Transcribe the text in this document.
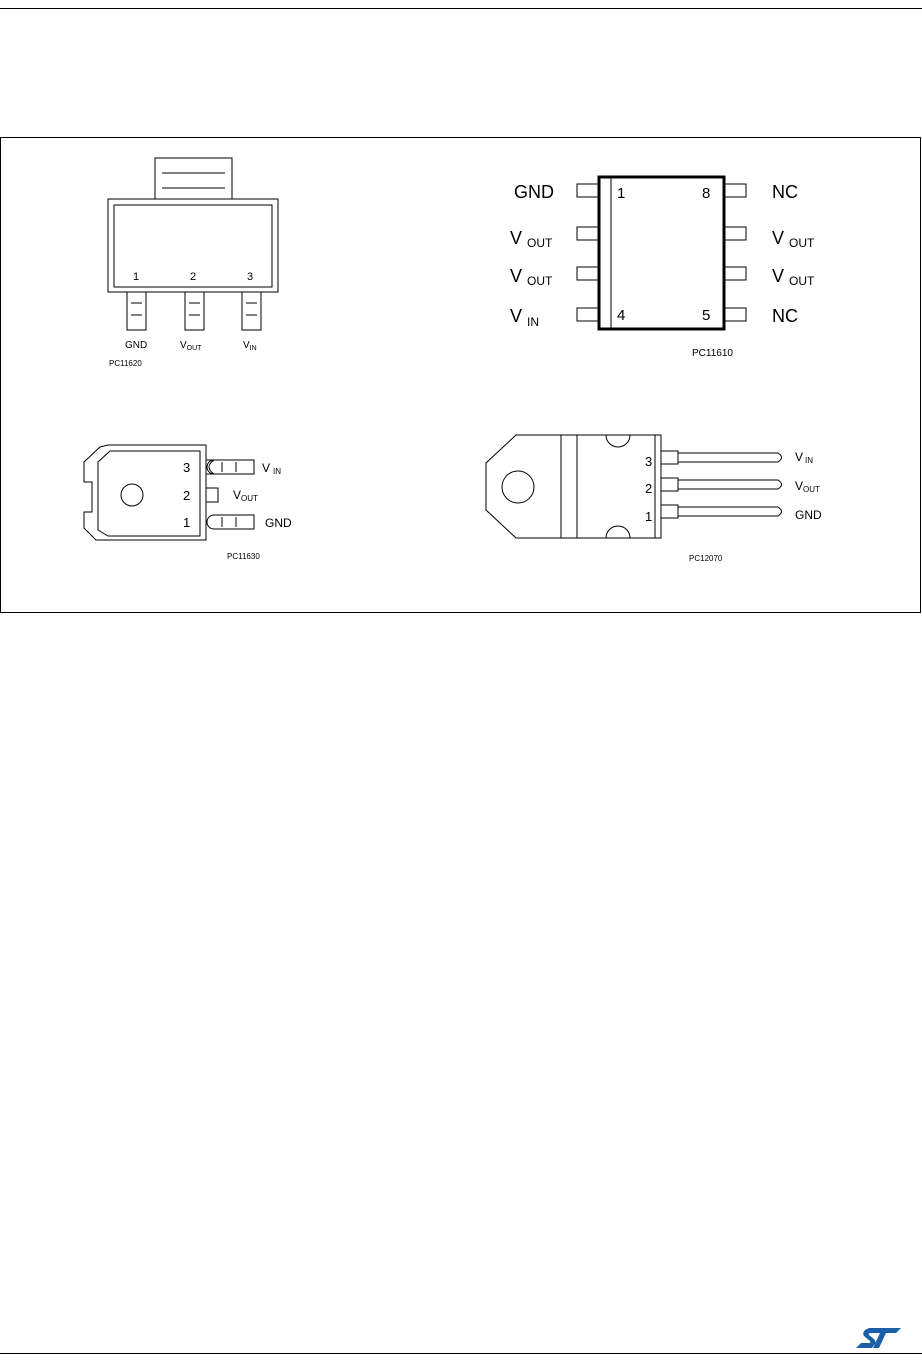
1	2	3
GND	$V_{OUT}$	$V_{IN}$
PC11620
1	8
4	5
GND
VOUT
VOUT
V $_{IN}$
NC
VOUT
VOUT
NC
PC11610
3
2
1
VIN
VOUT
GND
PC11630
3
2
1
VIN
VOUT
GND
PC12070
